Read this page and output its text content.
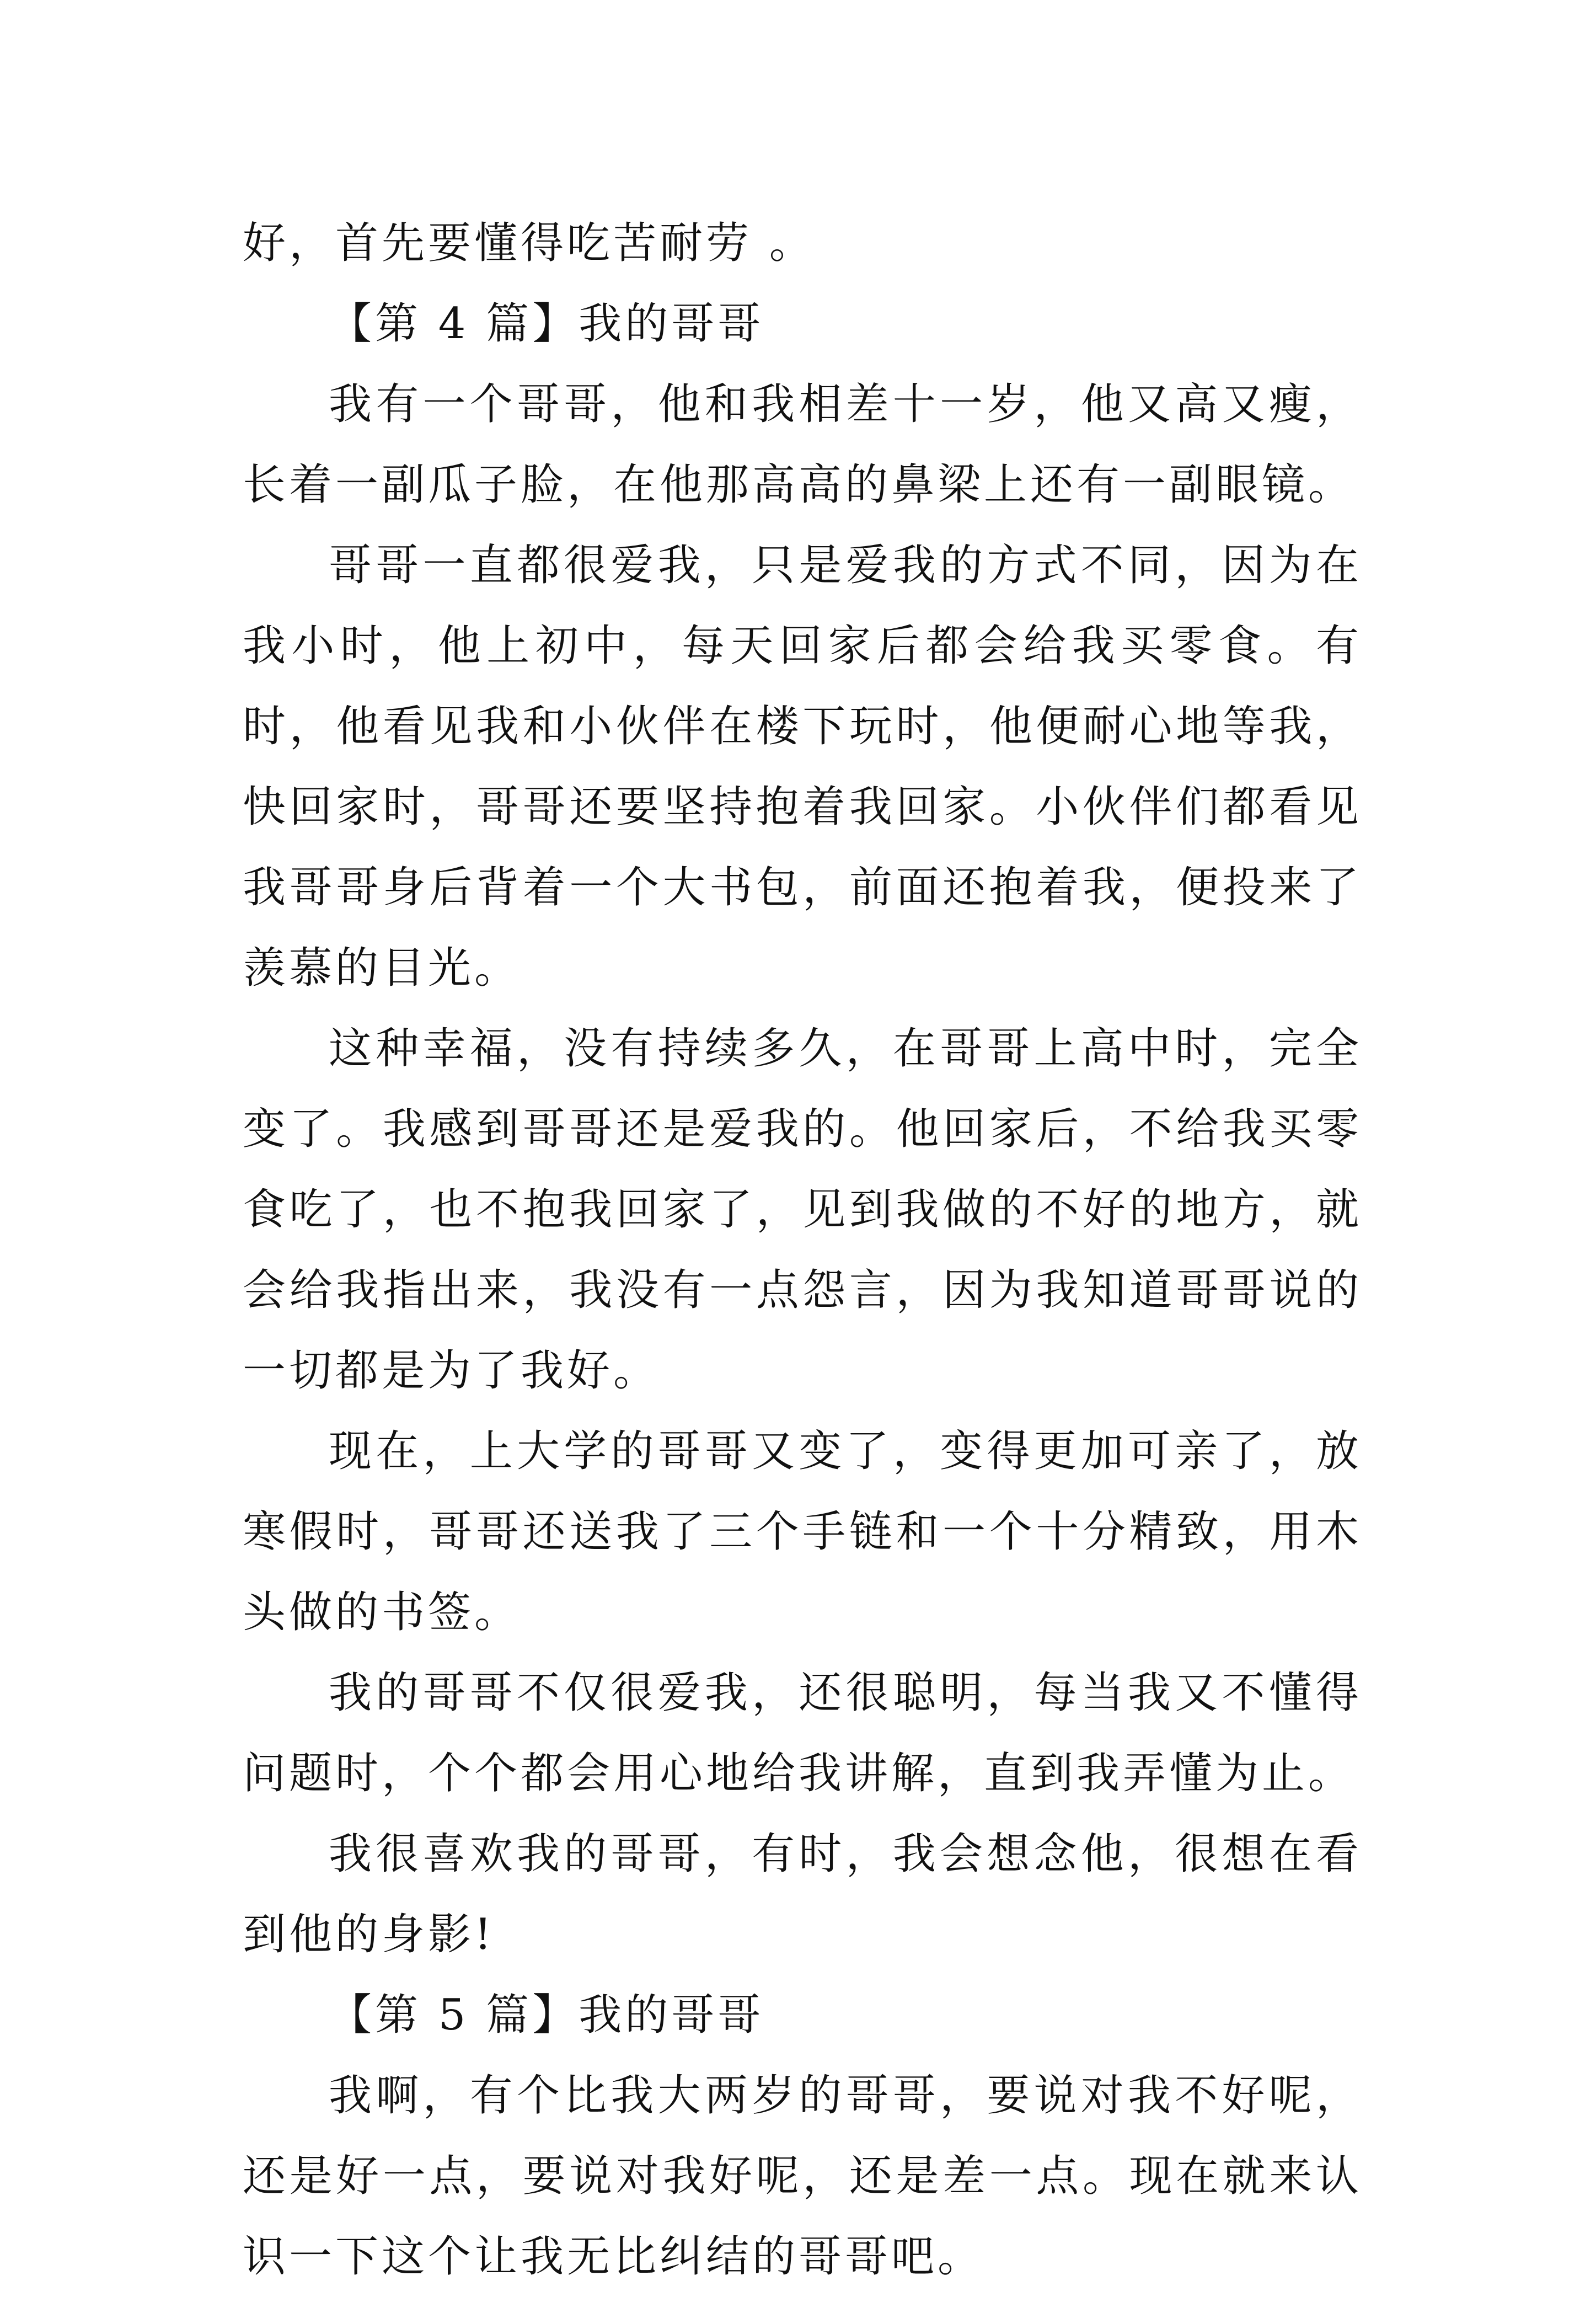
好，首先要懂得吃苦耐劳 。

【第 4 篇】我的哥哥

我有一个哥哥，他和我相差十一岁，他又高又瘦，长着一副瓜子脸，在他那高高的鼻梁上还有一副眼镜。

哥哥一直都很爱我，只是爱我的方式不同，因为在我小时，他上初中，每天回家后都会给我买零食。有时，他看见我和小伙伴在楼下玩时，他便耐心地等我，快回家时，哥哥还要坚持抱着我回家。小伙伴们都看见我哥哥身后背着一个大书包，前面还抱着我，便投来了羡慕的目光。

这种幸福，没有持续多久，在哥哥上高中时，完全变了。我感到哥哥还是爱我的。他回家后，不给我买零食吃了，也不抱我回家了，见到我做的不好的地方，就会给我指出来，我没有一点怨言，因为我知道哥哥说的一切都是为了我好。

现在，上大学的哥哥又变了，变得更加可亲了，放寒假时，哥哥还送我了三个手链和一个十分精致，用木头做的书签。

我的哥哥不仅很爱我，还很聪明，每当我又不懂得问题时，个个都会用心地给我讲解，直到我弄懂为止。

我很喜欢我的哥哥，有时，我会想念他，很想在看到他的身影!

【第 5 篇】我的哥哥

我啊，有个比我大两岁的哥哥，要说对我不好呢，还是好一点，要说对我好呢，还是差一点。现在就来认识一下这个让我无比纠结的哥哥吧。
